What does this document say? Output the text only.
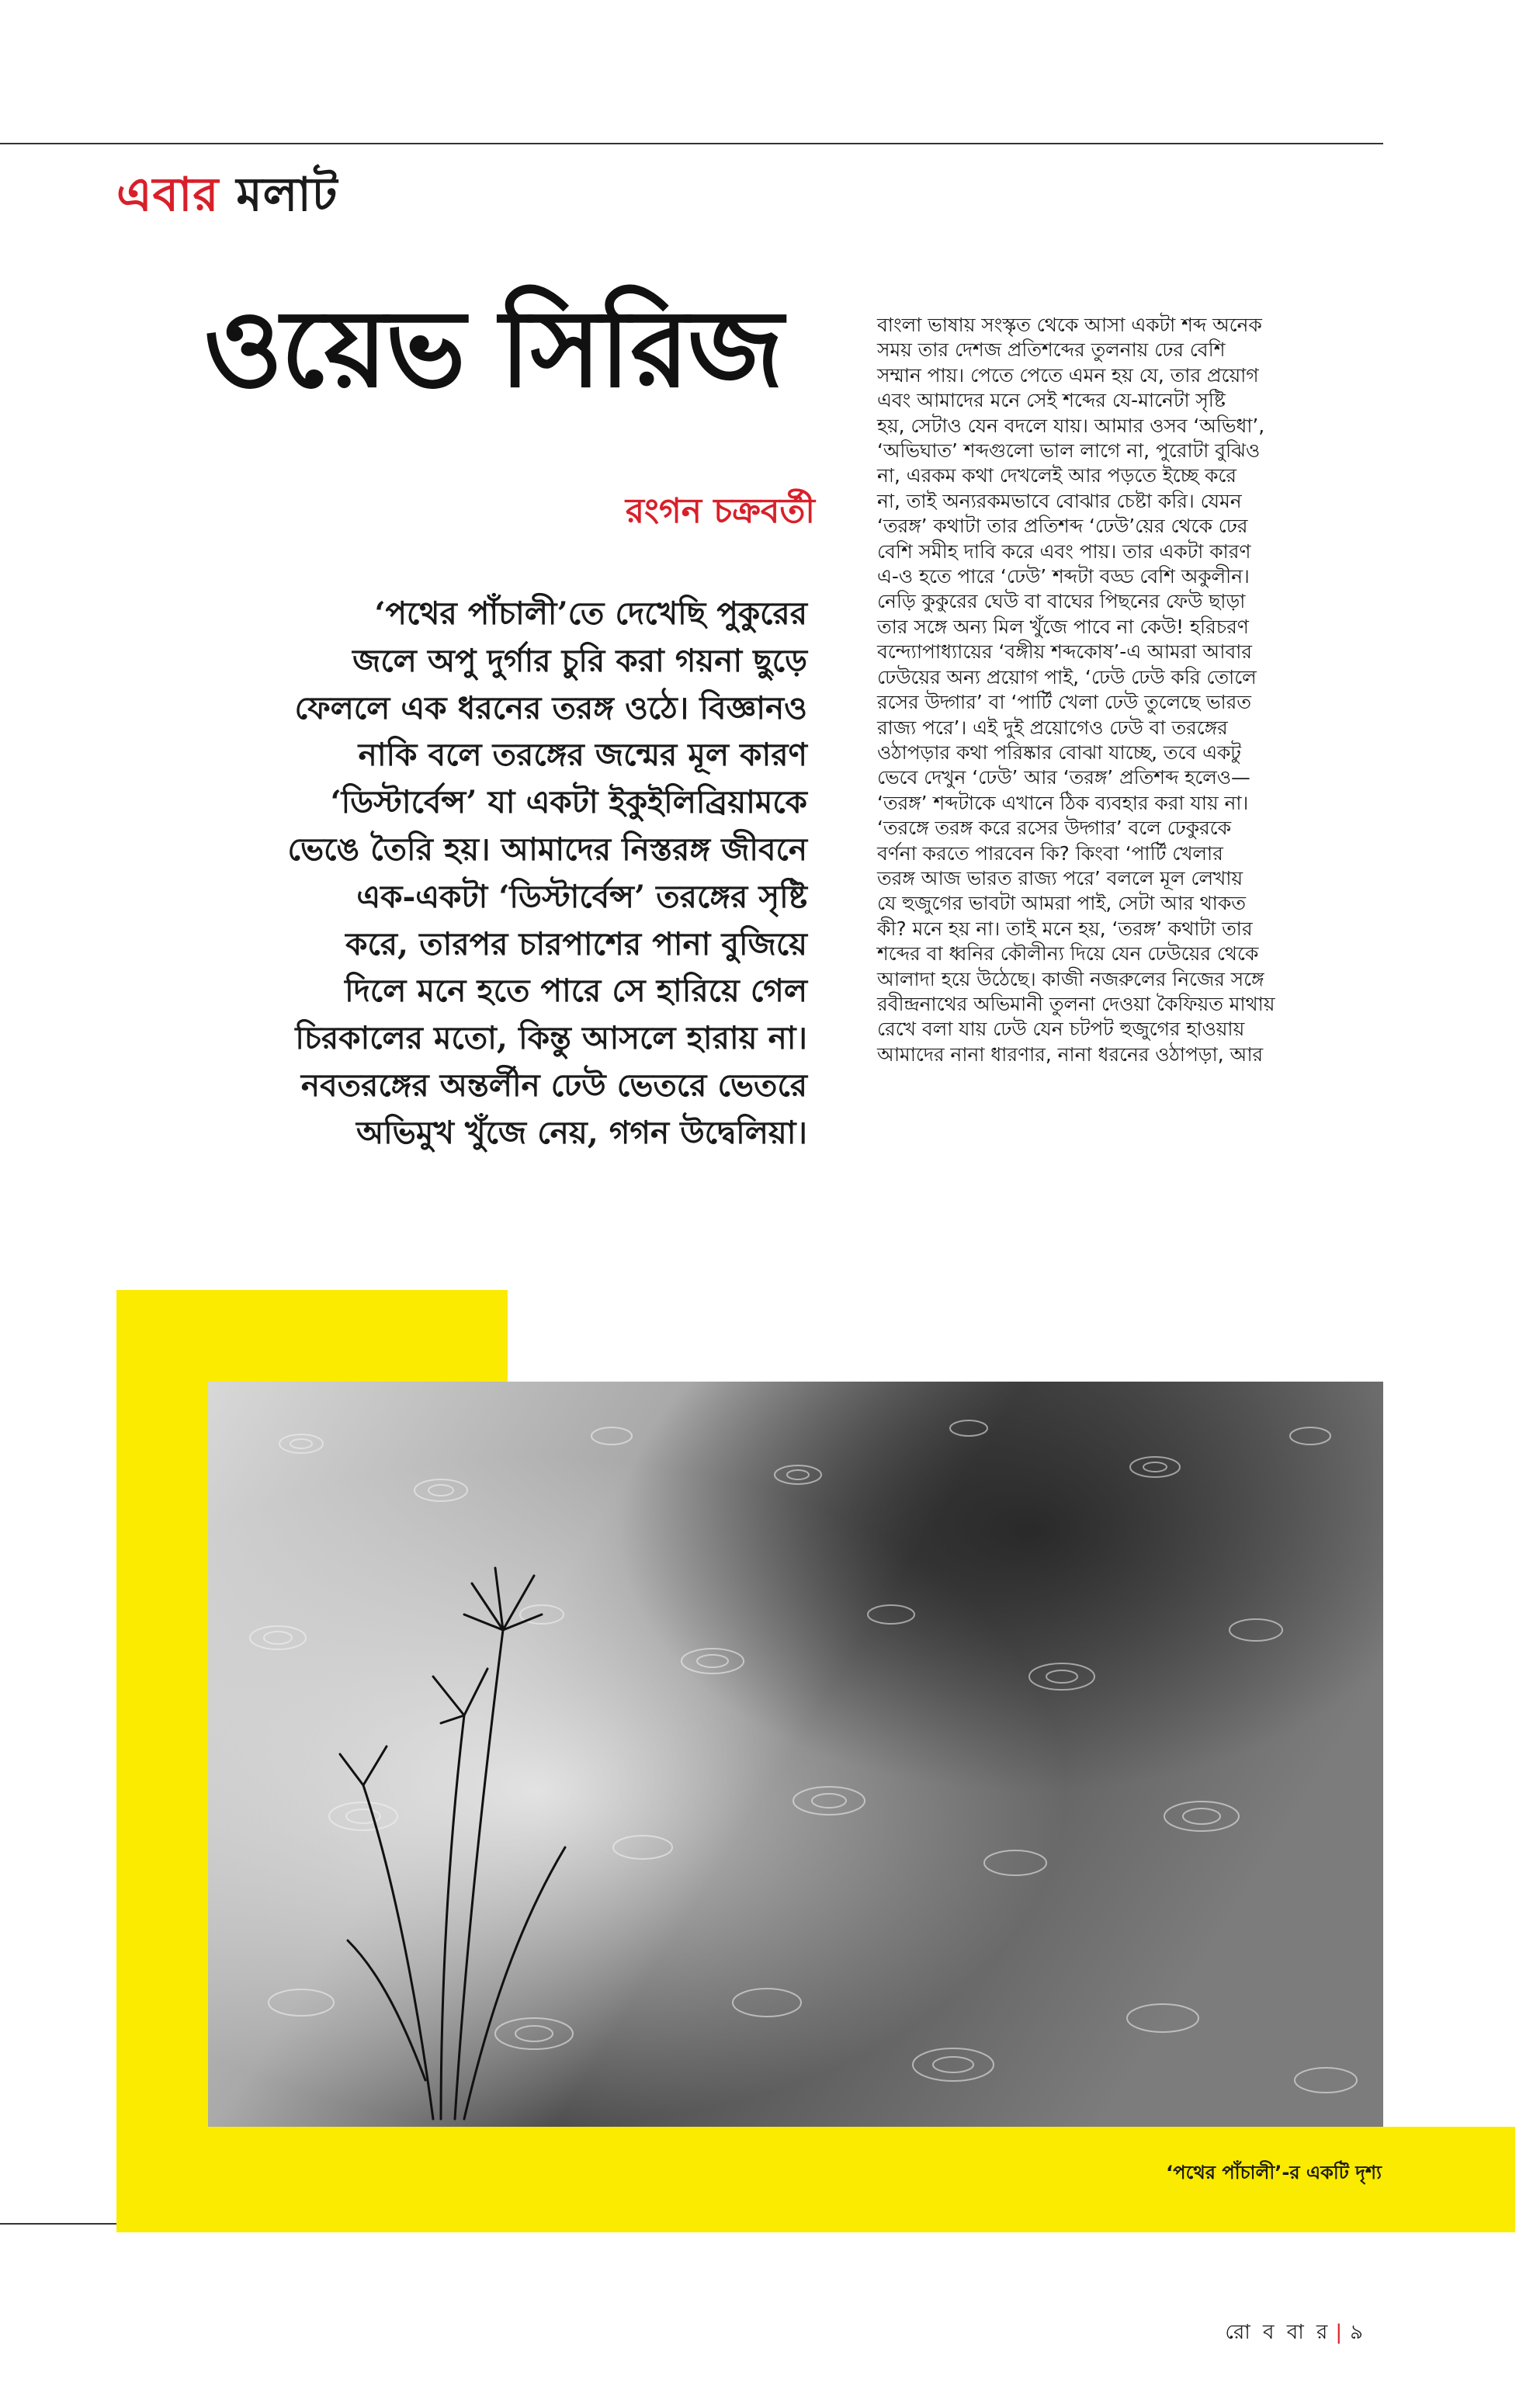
এবার মলাট
ওয়েভ সিরিজ
রংগন চক্রবর্তী

‘পথের পাঁচালী’তে দেখেছি পুকুরের
জলে অপু দুর্গার চুরি করা গয়না ছুড়ে
ফেললে এক ধরনের তরঙ্গ ওঠে। বিজ্ঞানও
নাকি বলে তরঙ্গের জন্মের মূল কারণ
‘ডিস্টার্বেন্স’ যা একটা ইকুইলিব্রিয়ামকে
ভেঙে তৈরি হয়। আমাদের নিস্তরঙ্গ জীবনে
এক-একটা ‘ডিস্টার্বেন্স’ তরঙ্গের সৃষ্টি
করে, তারপর চারপাশের পানা বুজিয়ে
দিলে মনে হতে পারে সে হারিয়ে গেল
চিরকালের মতো, কিন্তু আসলে হারায় না।
নবতরঙ্গের অন্তর্লীন ঢেউ ভেতরে ভেতরে
অভিমুখ খুঁজে নেয়, গগন উদ্বেলিয়া।

বাংলা ভাষায় সংস্কৃত থেকে আসা একটা শব্দ অনেক
সময় তার দেশজ প্রতিশব্দের তুলনায় ঢের বেশি
সম্মান পায়। পেতে পেতে এমন হয় যে, তার প্রয়োগ
এবং আমাদের মনে সেই শব্দের যে-মানেটা সৃষ্টি
হয়, সেটাও যেন বদলে যায়। আমার ওসব ‘অভিধা’,
‘অভিঘাত’ শব্দগুলো ভাল লাগে না, পুরোটা বুঝিও
না, এরকম কথা দেখলেই আর পড়তে ইচ্ছে করে
না, তাই অন্যরকমভাবে বোঝার চেষ্টা করি। যেমন
‘তরঙ্গ’ কথাটা তার প্রতিশব্দ ‘ঢেউ’য়ের থেকে ঢের
বেশি সমীহ দাবি করে এবং পায়। তার একটা কারণ
এ-ও হতে পারে ‘ঢেউ’ শব্দটা বড্ড বেশি অকুলীন।
নেড়ি কুকুরের ঘেউ বা বাঘের পিছনের ফেউ ছাড়া
তার সঙ্গে অন্য মিল খুঁজে পাবে না কেউ! হরিচরণ
বন্দ্যোপাধ্যায়ের ‘বঙ্গীয় শব্দকোষ’-এ আমরা আবার
ঢেউয়ের অন্য প্রয়োগ পাই, ‘ঢেউ ঢেউ করি তোলে
রসের উদ্গার’ বা ‘পার্টি খেলা ঢেউ তুলেছে ভারত
রাজ্য পরে’। এই দুই প্রয়োগেও ঢেউ বা তরঙ্গের
ওঠাপড়ার কথা পরিষ্কার বোঝা যাচ্ছে, তবে একটু
ভেবে দেখুন ‘ঢেউ’ আর ‘তরঙ্গ’ প্রতিশব্দ হলেও—
‘তরঙ্গ’ শব্দটাকে এখানে ঠিক ব্যবহার করা যায় না।
‘তরঙ্গে তরঙ্গ করে রসের উদ্গার’ বলে ঢেকুরকে
বর্ণনা করতে পারবেন কি? কিংবা ‘পার্টি খেলার
তরঙ্গ আজ ভারত রাজ্য পরে’ বললে মূল লেখায়
যে হুজুগের ভাবটা আমরা পাই, সেটা আর থাকত
কী? মনে হয় না। তাই মনে হয়, ‘তরঙ্গ’ কথাটা তার
শব্দের বা ধ্বনির কৌলীন্য দিয়ে যেন ঢেউয়ের থেকে
আলাদা হয়ে উঠেছে। কাজী নজরুলের নিজের সঙ্গে
রবীন্দ্রনাথের অভিমানী তুলনা দেওয়া কৈফিয়ত মাথায়
রেখে বলা যায় ঢেউ যেন চটপট হুজুগের হাওয়ায়
আমাদের নানা ধারণার, নানা ধরনের ওঠাপড়া, আর

‘পথের পাঁচালী’-র একটি দৃশ্য
রো ব বা র | ৯
